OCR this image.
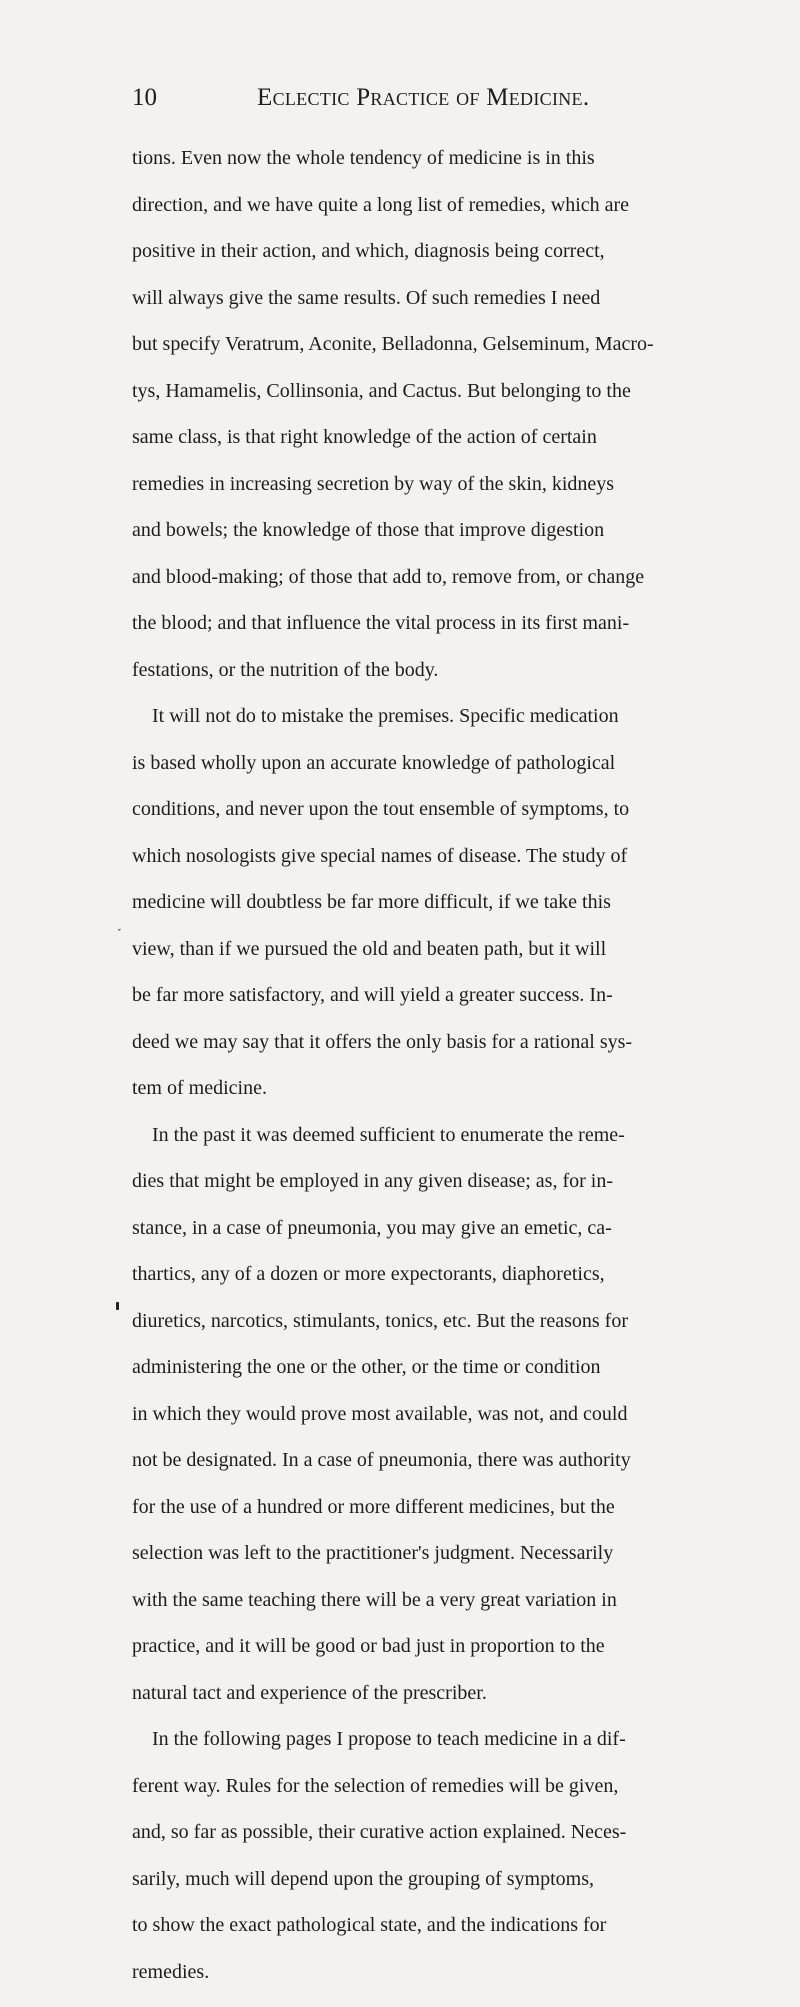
10	Eclectic Practice of Medicine.

tions. Even now the whole tendency of medicine is in this

direction, and we have quite a long list of remedies, which are

positive in their action, and which, diagnosis being correct,

will always give the same results. Of such remedies I need

but specify Veratrum, Aconite, Belladonna, Gelseminum, Macro-

tys, Hamamelis, Collinsonia, and Cactus. But belonging to the

same class, is that right knowledge of the action of certain

remedies in increasing secretion by way of the skin, kidneys

and bowels; the knowledge of those that improve digestion

and blood-making; of those that add to, remove from, or change

the blood; and that influence the vital process in its first mani-

festations, or the nutrition of the body.

It will not do to mistake the premises. Specific medication

is based wholly upon an accurate knowledge of pathological

conditions, and never upon the tout ensemble of symptoms, to

which nosologists give special names of disease. The study of

medicine will doubtless be far more difficult, if we take this

view, than if we pursued the old and beaten path, but it will

be far more satisfactory, and will yield a greater success. In-

deed we may say that it offers the only basis for a rational sys-

tem of medicine.

In the past it was deemed sufficient to enumerate the reme-

dies that might be employed in any given disease; as, for in-

stance, in a case of pneumonia, you may give an emetic, ca-

thartics, any of a dozen or more expectorants, diaphoretics,

diuretics, narcotics, stimulants, tonics, etc. But the reasons for

administering the one or the other, or the time or condition

in which they would prove most available, was not, and could

not be designated. In a case of pneumonia, there was authority

for the use of a hundred or more different medicines, but the

selection was left to the practitioner's judgment. Necessarily

with the same teaching there will be a very great variation in

practice, and it will be good or bad just in proportion to the

natural tact and experience of the prescriber.

In the following pages I propose to teach medicine in a dif-

ferent way. Rules for the selection of remedies will be given,

and, so far as possible, their curative action explained. Neces-

sarily, much will depend upon the grouping of symptoms,

to show the exact pathological state, and the indications for

remedies.

˯
